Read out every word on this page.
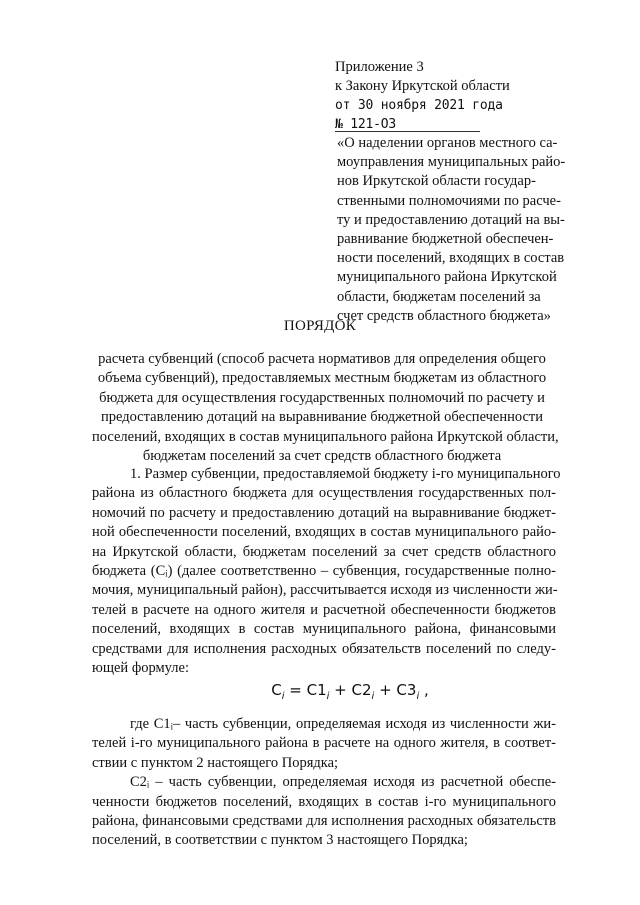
Приложение 3
к Закону Иркутской области
от 30 ноября 2021 года
№ 121-ОЗ
«О наделении органов местного са-
моуправления муниципальных райо-
нов Иркутской области государ-
ственными полномочиями по расче-
ту и предоставлению дотаций на вы-
равнивание бюджетной обеспечен-
ности поселений, входящих в состав
муниципального района Иркутской
области, бюджетам поселений за
счет средств областного бюджета»
ПОРЯДОК
расчета субвенций (способ расчета нормативов для определения общего
объема субвенций), предоставляемых местным бюджетам из областного
бюджета для осуществления государственных полномочий по расчету и
предоставлению дотаций на выравнивание бюджетной обеспеченности
поселений, входящих в состав муниципального района Иркутской области,
бюджетам поселений за счет средств областного бюджета
1. Размер субвенции, предоставляемой бюджету i-го муниципального
района из областного бюджета для осуществления государственных пол-
номочий по расчету и предоставлению дотаций на выравнивание бюджет-
ной обеспеченности поселений, входящих в состав муниципального райо-
на Иркутской области, бюджетам поселений за счет средств областного
бюджета (Cᵢ) (далее соответственно – субвенция, государственные полно-
мочия, муниципальный район), рассчитывается исходя из численности жи-
телей в расчете на одного жителя и расчетной обеспеченности бюджетов
поселений, входящих в состав муниципального района, финансовыми
средствами для исполнения расходных обязательств поселений по следу-
ющей формуле:
$C_i = C1_i + C2_i + C3_i$ ,
где C1ᵢ– часть субвенции, определяемая исходя из численности жи-
телей i-го муниципального района в расчете на одного жителя, в соответ-
ствии с пунктом 2 настоящего Порядка;
C2ᵢ – часть субвенции, определяемая исходя из расчетной обеспе-
ченности бюджетов поселений, входящих в состав i-го муниципального
района, финансовыми средствами для исполнения расходных обязательств
поселений, в соответствии с пунктом 3 настоящего Порядка;
